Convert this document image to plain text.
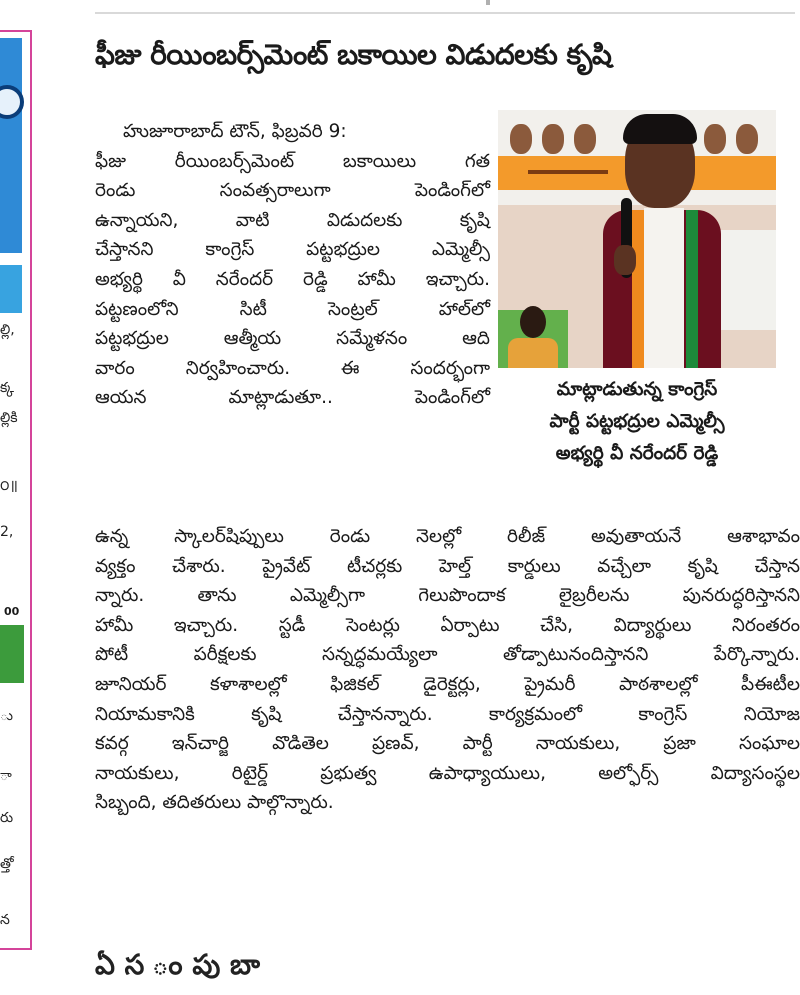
ల్లి,
క్క
ల్లికి
౦॥
2,
00
ు
ా
రు
త్తో
న
ఫీజు రీయింబర్స్‌మెంట్ బకాయిల విడుదలకు కృషి
హుజూరాబాద్ టౌన్, ఫిబ్రవరి 9:
ఫీజు రీయింబర్స్‌మెంట్ బకాయిలు గత
రెండు సంవత్సరాలుగా పెండింగ్‌లో
ఉన్నాయని, వాటి విడుదలకు కృషి
చేస్తానని కాంగ్రెస్ పట్టభద్రుల ఎమ్మెల్సీ
అభ్యర్థి వీ నరేందర్ రెడ్డి హామీ ఇచ్చారు.
పట్టణంలోని సిటీ సెంట్రల్ హాల్‌లో
పట్టభద్రుల ఆత్మీయ సమ్మేళనం ఆది
వారం నిర్వహించారు. ఈ సందర్భంగా
ఆయన మాట్లాడుతూ.. పెండింగ్‌లో	మాట్లాడుతున్న కాంగ్రెస్
పార్టీ పట్టభద్రుల ఎమ్మెల్సీ
అభ్యర్థి వీ నరేందర్ రెడ్డి
ఉన్న స్కాలర్‌షిప్పులు రెండు నెలల్లో రిలీజ్ అవుతాయనే ఆశాభావం
వ్యక్తం చేశారు. ప్రైవేట్ టీచర్లకు హెల్త్ కార్డులు వచ్చేలా కృషి చేస్తాన
న్నారు. తాను ఎమ్మెల్సీగా గెలుపొందాక లైబ్రరీలను పునరుద్ధరిస్తానని
హామీ ఇచ్చారు. స్టడీ సెంటర్లు ఏర్పాటు చేసి, విద్యార్థులు నిరంతరం
పోటీ పరీక్షలకు సన్నద్ధమయ్యేలా తోడ్పాటునందిస్తానని పేర్కొన్నారు.
జూనియర్ కళాశాలల్లో ఫిజికల్ డైరెక్టర్లు, ప్రైమరీ పాఠశాలల్లో పీఈటీల
నియామకానికి కృషి చేస్తానన్నారు. కార్యక్రమంలో కాంగ్రెస్ నియోజ
కవర్గ ఇన్‌చార్జి వొడితెల ప్రణవ్, పార్టీ నాయకులు, ప్రజా సంఘాల
నాయకులు, రిటైర్డ్ ప్రభుత్వ ఉపాధ్యాయులు, అల్ఫోర్స్ విద్యాసంస్థల
సిబ్బంది, తదితరులు పాల్గొన్నారు.
ఏ స ం పు బా
